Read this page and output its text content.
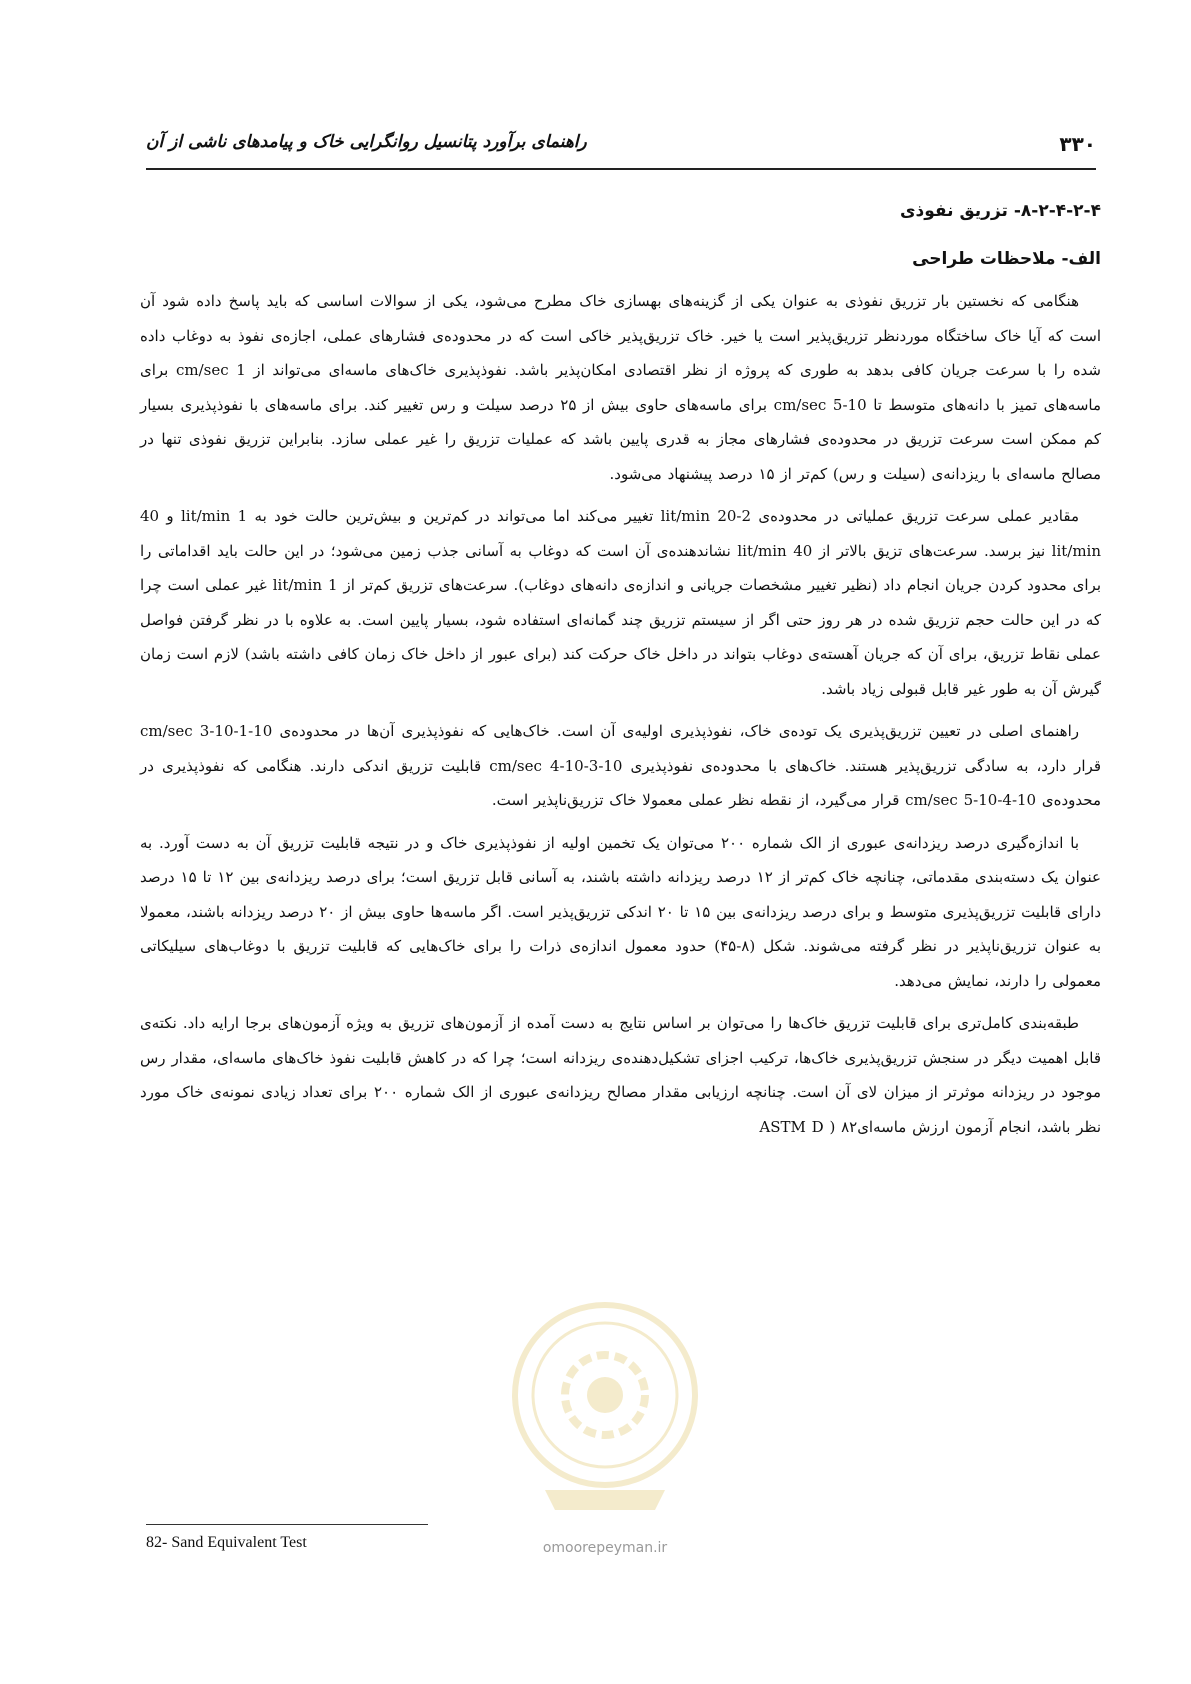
۳۳۰
راهنمای برآورد پتانسیل روانگرایی خاک و پیامدهای ناشی از آن
۸-۲-۴-۲-۴- تزریق نفوذی
الف- ملاحظات طراحی

هنگامی که نخستین بار تزریق نفوذی به عنوان یکی از گزینه‌های بهسازی خاک مطرح می‌شود، یکی از سوالات اساسی که باید پاسخ داده شود آن است که آیا خاک ساختگاه موردنظر تزریق‌پذیر است یا خیر. خاک تزریق‌پذیر خاکی است که در محدوده‌ی فشارهای عملی، اجازه‌ی نفوذ به دوغاب داده شده را با سرعت جریان کافی بدهد به طوری که پروژه از نظر اقتصادی امکان‌پذیر باشد. نفوذپذیری خاک‌های ماسه‌ای می‌تواند از 1 cm/sec برای ماسه‌های تمیز با دانه‌های متوسط تا 10-5 cm/sec برای ماسه‌های حاوی بیش از ۲۵ درصد سیلت و رس تغییر کند. برای ماسه‌های با نفوذپذیری بسیار کم ممکن است سرعت تزریق در محدوده‌ی فشارهای مجاز به قدری پایین باشد که عملیات تزریق را غیر عملی سازد. بنابراین تزریق نفوذی تنها در مصالح ماسه‌ای با ریزدانه‌ی (سیلت و رس) کم‌تر از ۱۵ درصد پیشنهاد می‌شود.

مقادیر عملی سرعت تزریق عملیاتی در محدوده‌ی 2-20 lit/min تغییر می‌کند اما می‌تواند در کم‌ترین و بیش‌ترین حالت خود به 1 lit/min و 40 lit/min نیز برسد. سرعت‌های تزیق بالاتر از 40 lit/min نشاندهنده‌ی آن است که دوغاب به آسانی جذب زمین می‌شود؛ در این حالت باید اقداماتی را برای محدود کردن جریان انجام داد (نظیر تغییر مشخصات جریانی و اندازه‌ی دانه‌های دوغاب). سرعت‌های تزریق کم‌تر از 1 lit/min غیر عملی است چرا که در این حالت حجم تزریق شده در هر روز حتی اگر از سیستم تزریق چند گمانه‌ای استفاده شود، بسیار پایین است. به علاوه با در نظر گرفتن فواصل عملی نقاط تزریق، برای آن که جریان آهسته‌ی دوغاب بتواند در داخل خاک حرکت کند (برای عبور از داخل خاک زمان کافی داشته باشد) لازم است زمان گیرش آن به طور غیر قابل قبولی زیاد باشد.

راهنمای اصلی در تعیین تزریق‌پذیری یک توده‌ی خاک، نفوذپذیری اولیه‌ی آن است. خاک‌هایی که نفوذپذیری آن‌ها در محدوده‌ی 10-1-10-3 cm/sec قرار دارد، به سادگی تزریق‌پذیر هستند. خاک‌های با محدوده‌ی نفوذپذیری 10-3-10-4 cm/sec قابلیت تزریق اندکی دارند. هنگامی که نفوذپذیری در محدوده‌ی 10-4-10-5 cm/sec قرار می‌گیرد، از نقطه نظر عملی معمولا خاک تزریق‌ناپذیر است.

با اندازه‌گیری درصد ریزدانه‌ی عبوری از الک شماره ۲۰۰ می‌توان یک تخمین اولیه از نفوذپذیری خاک و در نتیجه قابلیت تزریق آن به دست آورد. به عنوان یک دسته‌بندی مقدماتی، چنانچه خاک کم‌تر از ۱۲ درصد ریزدانه داشته باشند، به آسانی قابل تزریق است؛ برای درصد ریزدانه‌ی بین ۱۲ تا ۱۵ درصد دارای قابلیت تزریق‌پذیری متوسط و برای درصد ریزدانه‌ی بین ۱۵ تا ۲۰ اندکی تزریق‌پذیر است. اگر ماسه‌ها حاوی بیش از ۲۰ درصد ریزدانه باشند، معمولا به عنوان تزریق‌ناپذیر در نظر گرفته می‌شوند. شکل (۸-۴۵) حدود معمول اندازه‌ی ذرات را برای خاک‌هایی که قابلیت تزریق با دوغاب‌های سیلیکاتی معمولی را دارند، نمایش می‌دهد.

طبقه‌بندی کامل‌تری برای قابلیت تزریق خاک‌ها را می‌توان بر اساس نتایج به دست آمده از آزمون‌های تزریق به ویژه آزمون‌های برجا ارایه داد. نکته‌ی قابل اهمیت دیگر در سنجش تزریق‌پذیری خاک‌ها، ترکیب اجزای تشکیل‌دهنده‌ی ریزدانه است؛ چرا که در کاهش قابلیت نفوذ خاک‌های ماسه‌ای، مقدار رس موجود در ریزدانه موثرتر از میزان لای آن است. چنانچه ارزیابی مقدار مصالح ریزدانه‌ی عبوری از الک شماره ۲۰۰ برای تعداد زیادی نمونه‌ی خاک مورد نظر باشد، انجام آزمون ارزش ماسه‌ای۸۲ ( ASTM D

82- Sand Equivalent Test	omoorepeyman.ir
